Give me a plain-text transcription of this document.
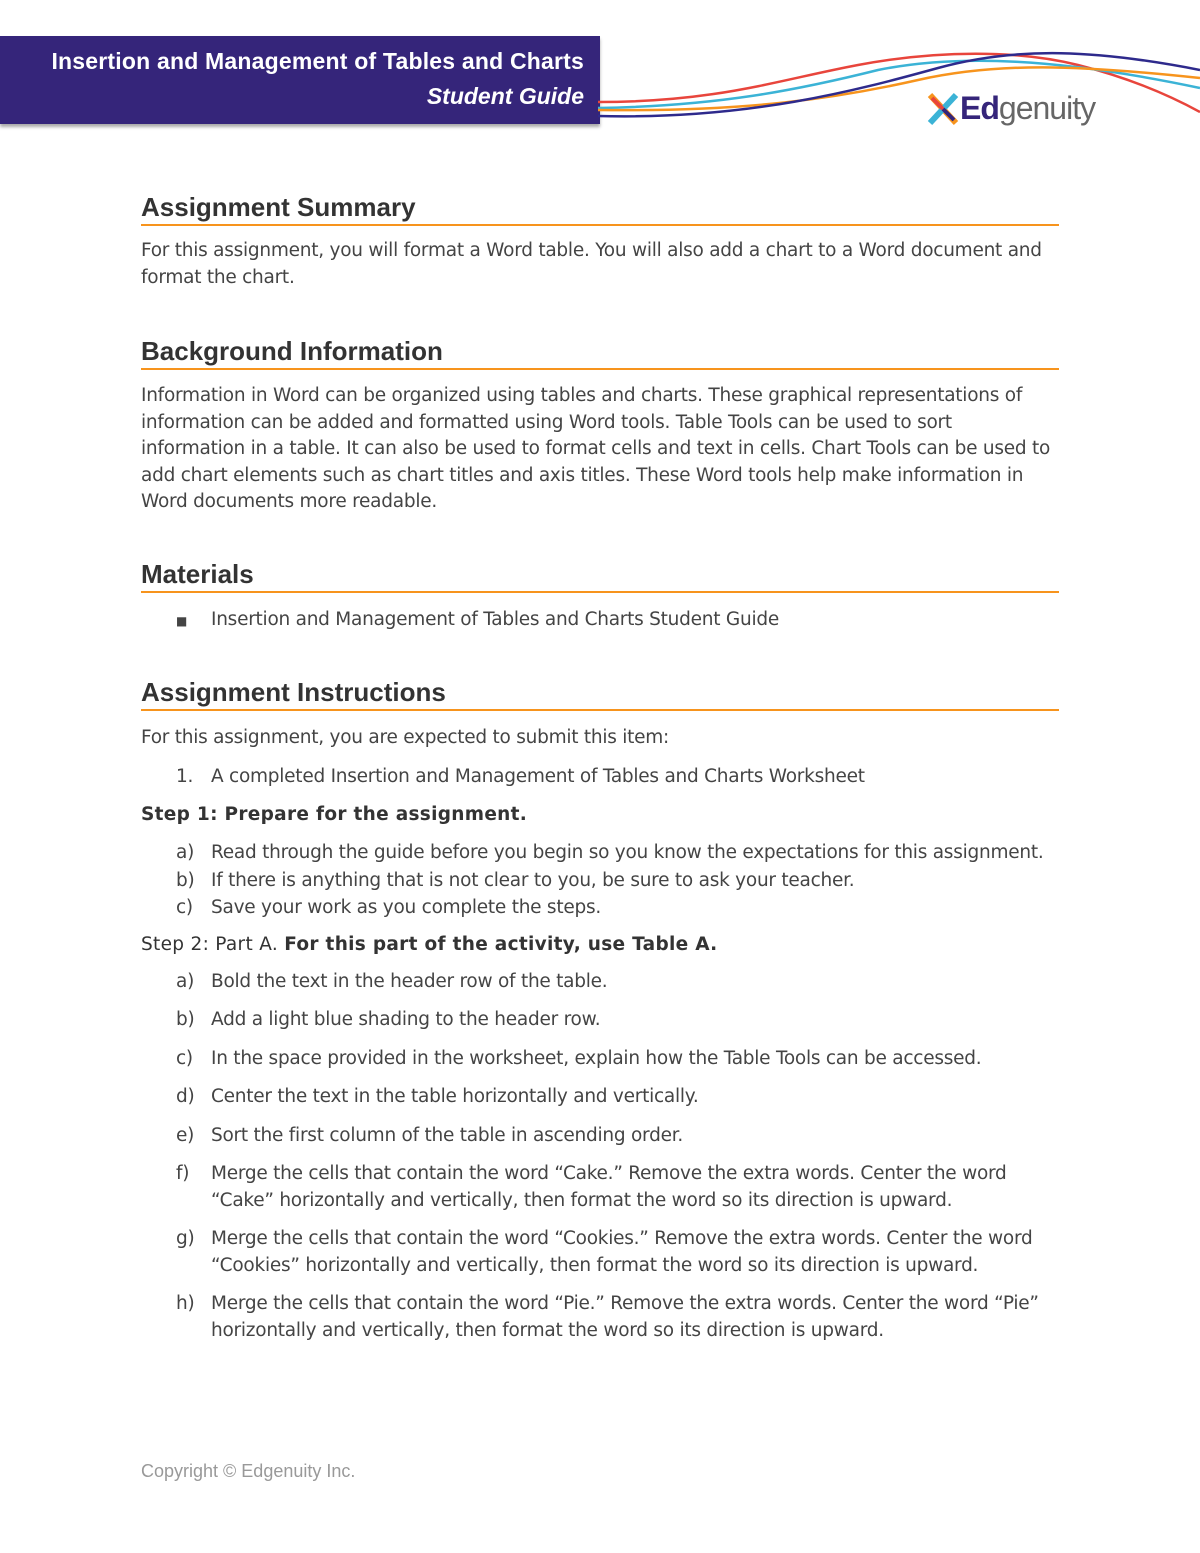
Insertion and Management of Tables and Charts
Student Guide	Edgenuity
Assignment Summary

For this assignment, you will format a Word table. You will also add a chart to a Word document and format the chart.

Background Information

Information in Word can be organized using tables and charts. These graphical representations of information can be added and formatted using Word tools. Table Tools can be used to sort information in a table. It can also be used to format cells and text in cells. Chart Tools can be used to add chart elements such as chart titles and axis titles. These Word tools help make information in Word documents more readable.

Materials
■ Insertion and Management of Tables and Charts Student Guide
Assignment Instructions

For this assignment, you are expected to submit this item:

1. A completed Insertion and Management of Tables and Charts Worksheet
Step 1: Prepare for the assignment.
a) Read through the guide before you begin so you know the expectations for this assignment.
b) If there is anything that is not clear to you, be sure to ask your teacher.
c) Save your work as you complete the steps.
Step 2: Part A. For this part of the activity, use Table A.
a) Bold the text in the header row of the table.
b) Add a light blue shading to the header row.
c) In the space provided in the worksheet, explain how the Table Tools can be accessed.
d) Center the text in the table horizontally and vertically.
e) Sort the first column of the table in ascending order.
f) Merge the cells that contain the word “Cake.” Remove the extra words. Center the word “Cake” horizontally and vertically, then format the word so its direction is upward.
g) Merge the cells that contain the word “Cookies.” Remove the extra words. Center the word “Cookies” horizontally and vertically, then format the word so its direction is upward.
h) Merge the cells that contain the word “Pie.” Remove the extra words. Center the word “Pie” horizontally and vertically, then format the word so its direction is upward.
Copyright © Edgenuity Inc.
